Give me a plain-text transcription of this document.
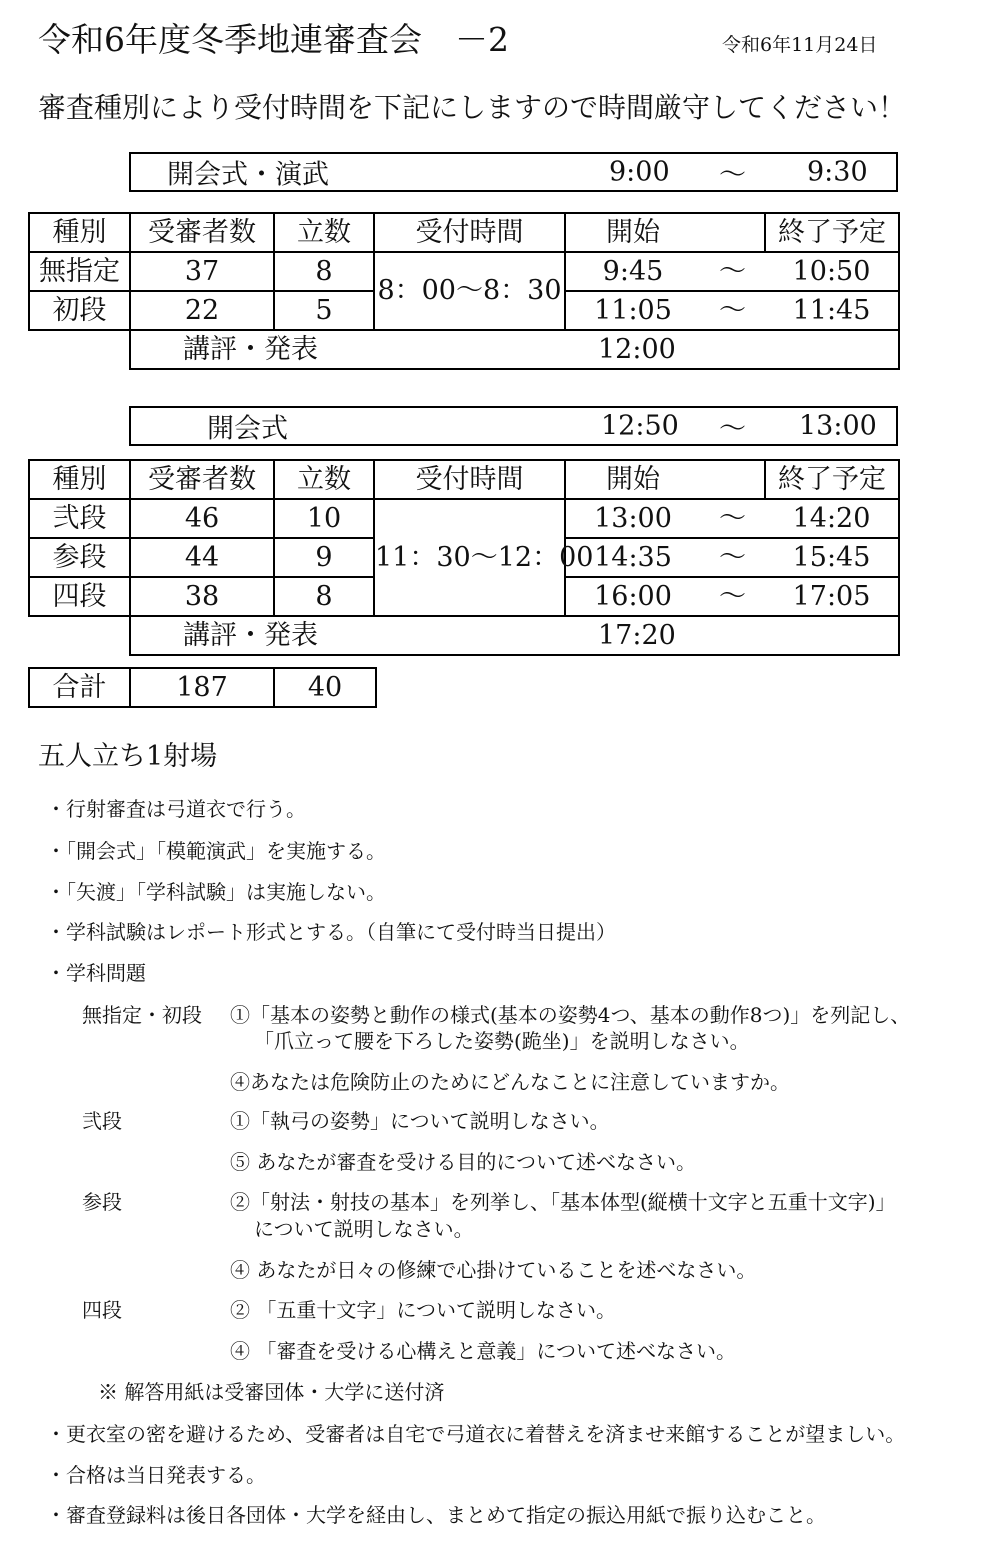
令和6年度冬季地連審査会　－2	令和6年11月24日
審査種別により受付時間を下記にしますので時間厳守してください！
開会式・演武	9:00 ～ 9:30
種別	受審者数	立数	受付時間	開始		終了予定
無指定	37	8	8：00～8：30	9:45	～	10:50
初段	22	5		11:05	～	11:45
	講評・発表			12:00		
開会式	12:50 ～ 13:00
種別	受審者数	立数	受付時間	開始		終了予定
弐段	46	10	11：30～12：00	13:00	～	14:20
参段	44	9		14:35	～	15:45
四段	38	8		16:00	～	17:05
	講評・発表			17:20		
合計	187	40
五人立ち1射場
・行射審査は弓道衣で行う。
・「開会式」「模範演武」を実施する。
・「矢渡」「学科試験」は実施しない。
・学科試験はレポート形式とする。（自筆にて受付時当日提出）
・学科問題
無指定・初段 ①「基本の姿勢と動作の様式(基本の姿勢4つ、基本の動作8つ)」を列記し、
「爪立って腰を下ろした姿勢(跪坐)」を説明しなさい。
④あなたは危険防止のためにどんなことに注意していますか。
弐段	①「執弓の姿勢」について説明しなさい。
⑤ あなたが審査を受ける目的について述べなさい。
参段	②「射法・射技の基本」を列挙し、「基本体型(縦横十文字と五重十文字)」
について説明しなさい。
④ あなたが日々の修練で心掛けていることを述べなさい。
四段	② 「五重十文字」について説明しなさい。
④ 「審査を受ける心構えと意義」について述べなさい。
※ 解答用紙は受審団体・大学に送付済
・更衣室の密を避けるため、受審者は自宅で弓道衣に着替えを済ませ来館することが望ましい。
・合格は当日発表する。
・審査登録料は後日各団体・大学を経由し、まとめて指定の振込用紙で振り込むこと。
